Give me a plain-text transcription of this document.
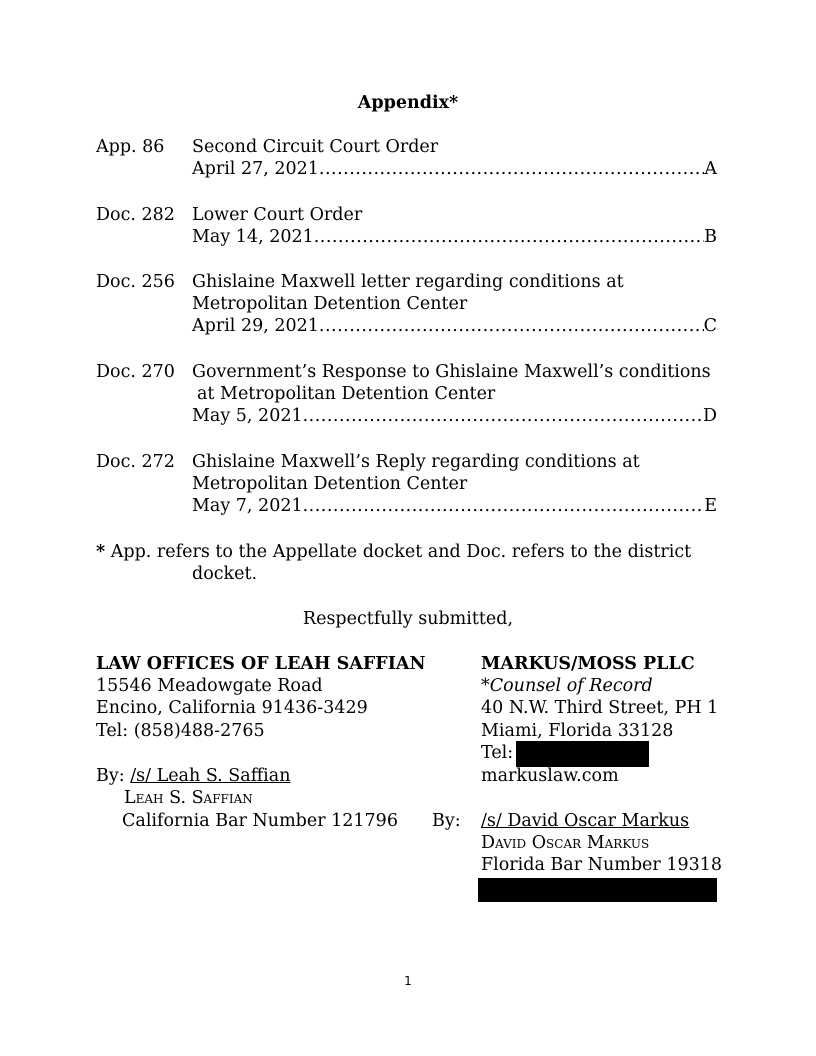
Appendix*
App. 86 Second Circuit Court Order
April 27, 2021 .....	A
Doc. 282 Lower Court Order
May 14, 2021 .....	B
Doc. 256 Ghislaine Maxwell letter regarding conditions at
Metropolitan Detention Center
April 29, 2021 .....	C
Doc. 270 Government’s Response to Ghislaine Maxwell’s conditions
at Metropolitan Detention Center
May 5, 2021 .....	D
Doc. 272 Ghislaine Maxwell’s Reply regarding conditions at
Metropolitan Detention Center
May 7, 2021 .....	E
* App. refers to the Appellate docket and Doc. refers to the district
docket.
Respectfully submitted,
LAW OFFICES OF LEAH SAFFIAN
15546 Meadowgate Road
Encino, California 91436-3429
Tel: (858)488-2765
By: /s/ Leah S. Saffian
Leah S. Saffian
California Bar Number 121796
MARKUS/MOSS PLLC
*Counsel of Record
40 N.W. Third Street, PH 1
Miami, Florida 33128
Tel:
markuslaw.com
By: /s/ David Oscar Markus
David Oscar Markus
Florida Bar Number 19318
1
